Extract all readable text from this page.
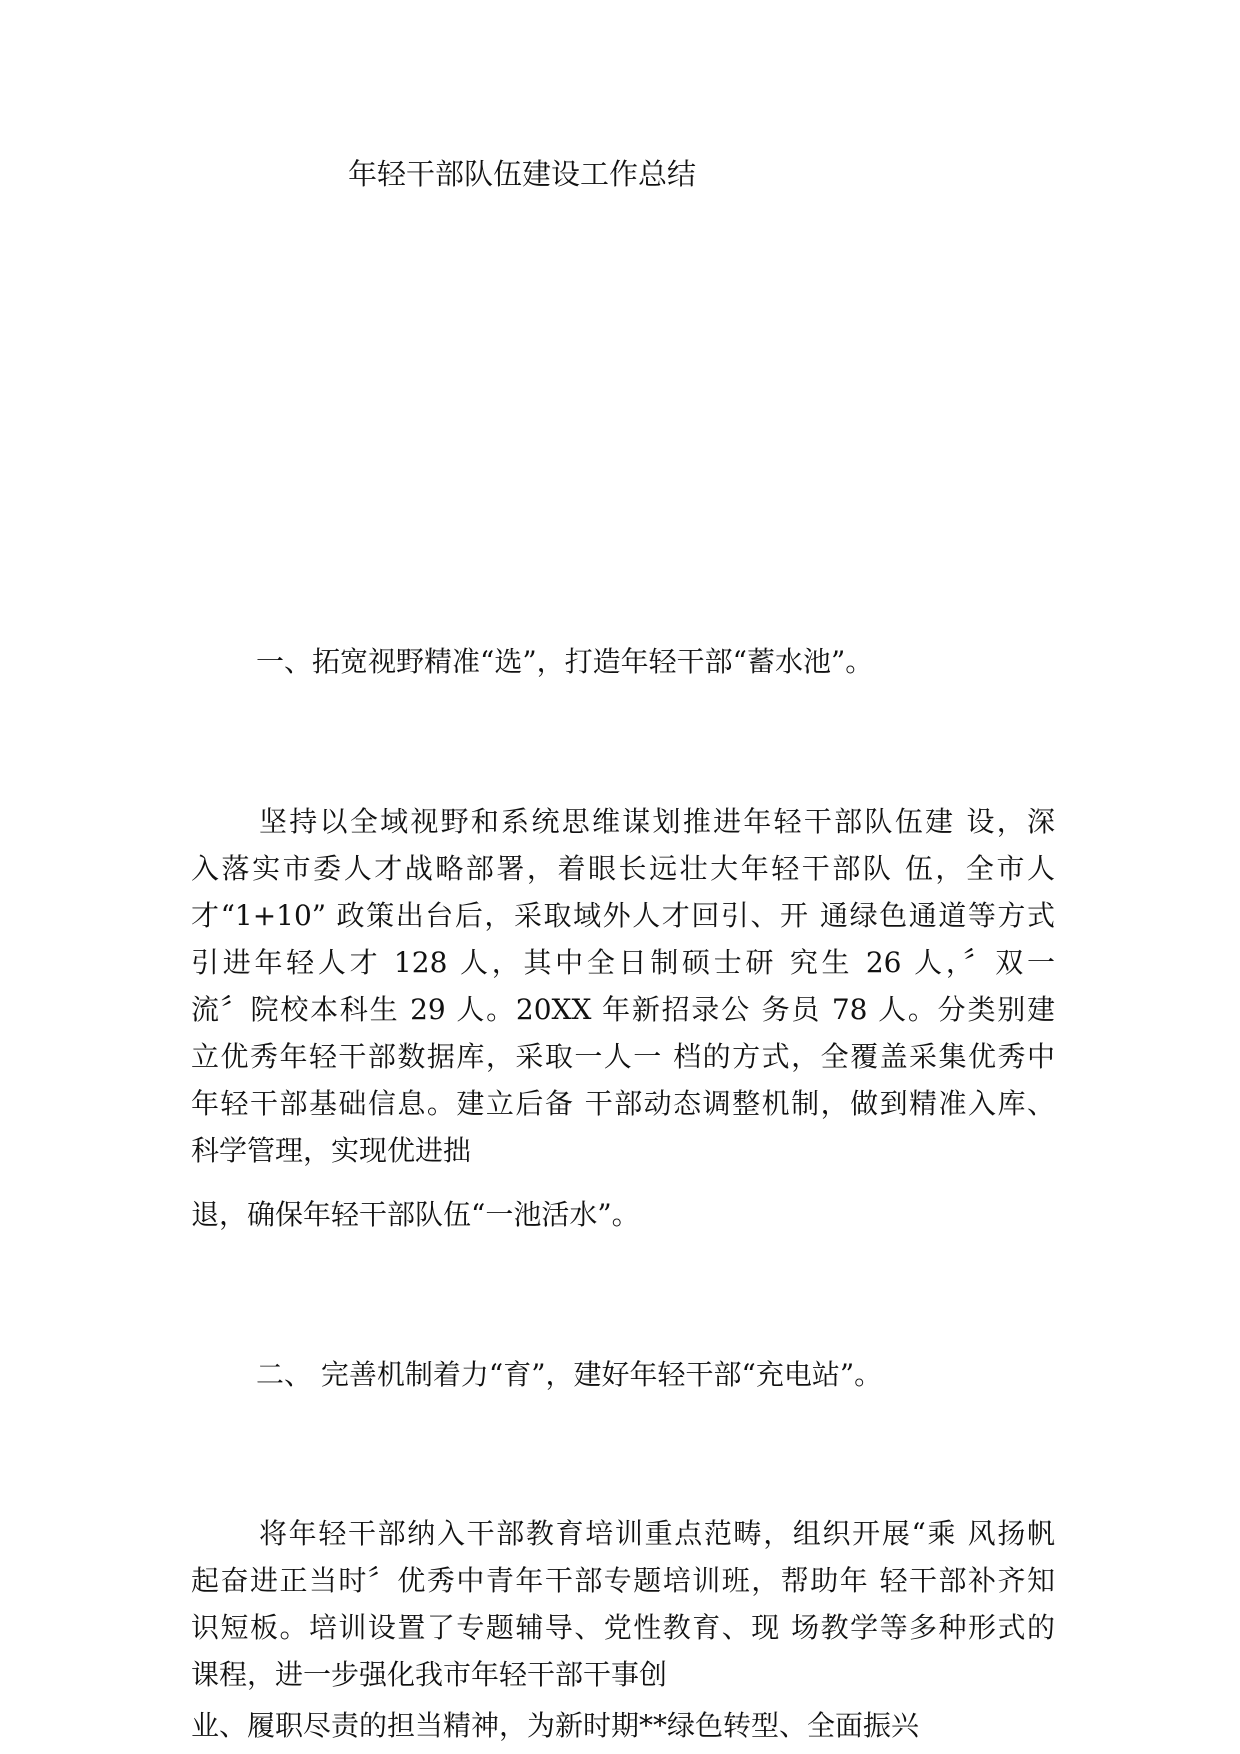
年轻干部队伍建设工作总结
一、拓宽视野精准“选”，打造年轻干部“蓄水池”。
坚持以全域视野和系统思维谋划推进年轻干部队伍建 设，深
入落实市委人才战略部署，着眼长远壮大年轻干部队 伍，全市人
才“1+10” 政策出台后，采取域外人才回引、开 通绿色通道等方式
引进年轻人才 128 人，其中全日制硕士研 究生 26 人，〞双一
流〞院校本科生 29 人。20XX 年新招录公 务员 78 人。分类别建
立优秀年轻干部数据库，采取一人一 档的方式，全覆盖采集优秀中
年轻干部基础信息。建立后备 干部动态调整机制，做到精准入库、
科学管理，实现优进拙
退，确保年轻干部队伍“一池活水”。
二、 完善机制着力“育”，建好年轻干部“充电站”。
将年轻干部纳入干部教育培训重点范畴，组织开展“乘 风扬帆
起奋进正当时〞优秀中青年干部专题培训班，帮助年 轻干部补齐知
识短板。培训设置了专题辅导、党性教育、现 场教学等多种形式的
课程，进一步强化我市年轻干部干事创
业、履职尽责的担当精神，为新时期**绿色转型、全面振兴
